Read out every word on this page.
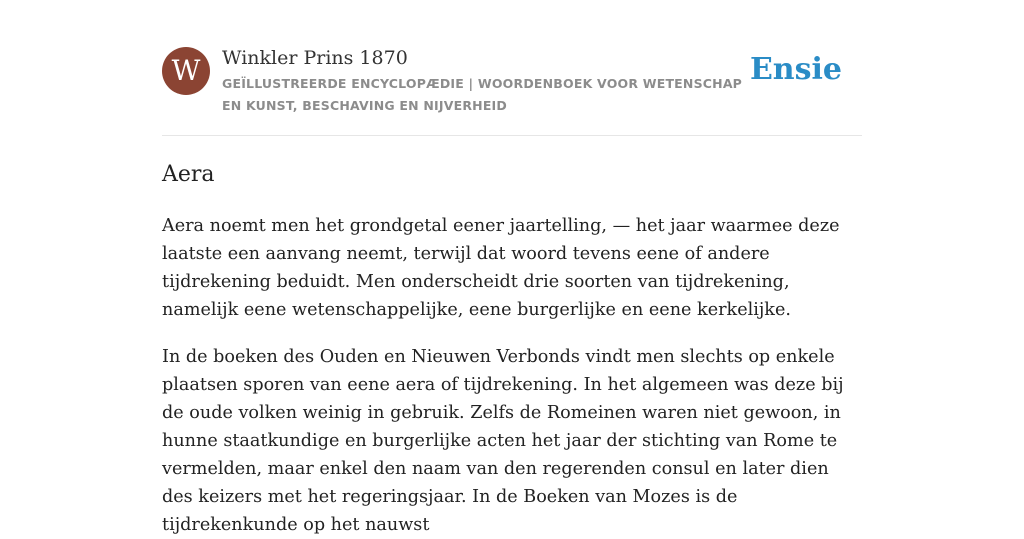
W	Winkler Prins 1870
GEÏLLUSTREERDE ENCYCLOPÆDIE | WOORDENBOEK VOOR WETENSCHAP EN KUNST, BESCHAVING EN NIJVERHEID
Ensie
Aera

Aera noemt men het grondgetal eener jaartelling, — het jaar waarmee deze laatste een aanvang neemt, terwijl dat woord tevens eene of andere tijdrekening beduidt. Men onderscheidt drie soorten van tijdrekening, namelijk eene wetenschappelijke, eene burgerlijke en eene kerkelijke.

In de boeken des Ouden en Nieuwen Verbonds vindt men slechts op enkele plaatsen sporen van eene aera of tijdrekening. In het algemeen was deze bij de oude volken weinig in gebruik. Zelfs de Romeinen waren niet gewoon, in hunne staatkundige en burgerlijke acten het jaar der stichting van Rome te vermelden, maar enkel den naam van den regerenden consul en later dien des keizers met het regeringsjaar. In de Boeken van Mozes is de tijdrekenkunde op het nauwst
